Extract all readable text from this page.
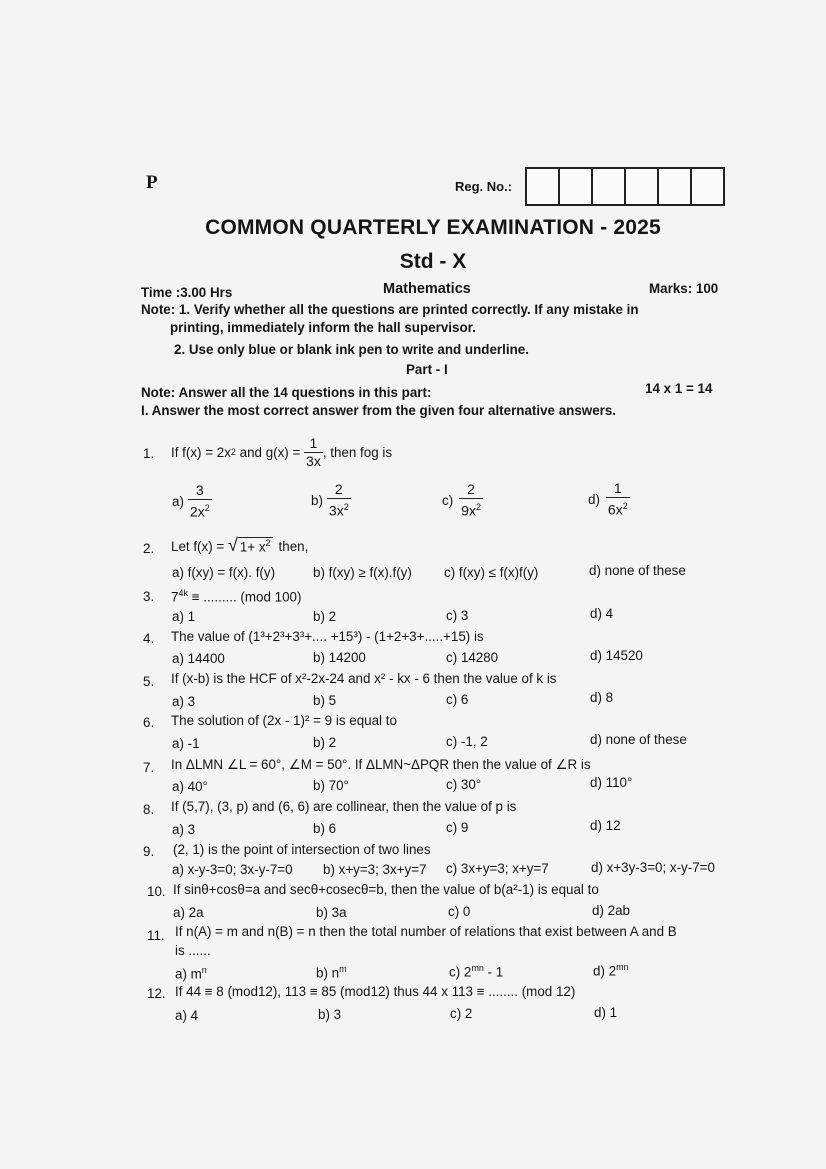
P	Reg. No.:
COMMON QUARTERLY EXAMINATION - 2025
Std - X
Time :3.00 Hrs	Mathematics	Marks: 100
Note: 1. Verify whether all the questions are printed correctly. If any mistake in
printing, immediately inform the hall supervisor.
2. Use only blue or blank ink pen to write and underline.
Part - I
Note: Answer all the 14 questions in this part:	14 x 1 = 14
I. Answer the most correct answer from the given four alternative answers.
1. If f(x) = 2x 2 and $g(x) = \frac{1}{3x}$ , then fog is
$a) \frac{3}{2x^2}$	$b) \frac{2}{3x^2}$	$c) \frac{2}{9x^2}$	$d) \frac{1}{6x^2}$
2. Let f(x) = √ $1+ x^2$ then,
a) f(xy) = f(x). f(y)	b) f(xy) ≥ f(x).f(y) c) f(xy) ≤ f(x)f(y)	d) none of these
3. $7^{4k}$ ≡ ......... (mod 100)
a) 1	b) 2	c) 3	d) 4
4. The value of (1³+2³+3³+.... +15³) - (1+2+3+.....+15) is
a) 14400	b) 14200	c) 14280	d) 14520
5. If (x-b) is the HCF of x²-2x-24 and x² - kx - 6 then the value of k is
a) 3	b) 5	c) 6	d) 8
6. The solution of (2x - 1)² = 9 is equal to
a) -1	b) 2	c) -1, 2	d) none of these
7. In ΔLMN ∠L = 60°, ∠M = 50°. If ΔLMN~ΔPQR then the value of ∠R is
a) 40°	b) 70°	c) 30°	d) 110°
8. If (5,7), (3, p) and (6, 6) are collinear, then the value of p is
a) 3	b) 6	c) 9	d) 12
9. (2, 1) is the point of intersection of two lines
a) x-y-3=0; 3x-y-7=0 b) x+y=3; 3x+y=7 c) 3x+y=3; x+y=7	d) x+3y-3=0; x-y-7=0
10. If sinθ+cosθ=a and secθ+cosecθ=b, then the value of b(a²-1) is equal to
a) 2a	b) 3a	c) 0	d) 2ab
11. If n(A) = m and n(B) = n then the total number of relations that exist between A and B
is ......
a) $m^n$	b) $n^m$	c) $2^{mn} - 1$	d) $2^{mn}$
12. If 44 ≡ 8 (mod12), 113 ≡ 85 (mod12) thus 44 x 113 ≡ ........ (mod 12)
a) 4	b) 3	c) 2	d) 1
